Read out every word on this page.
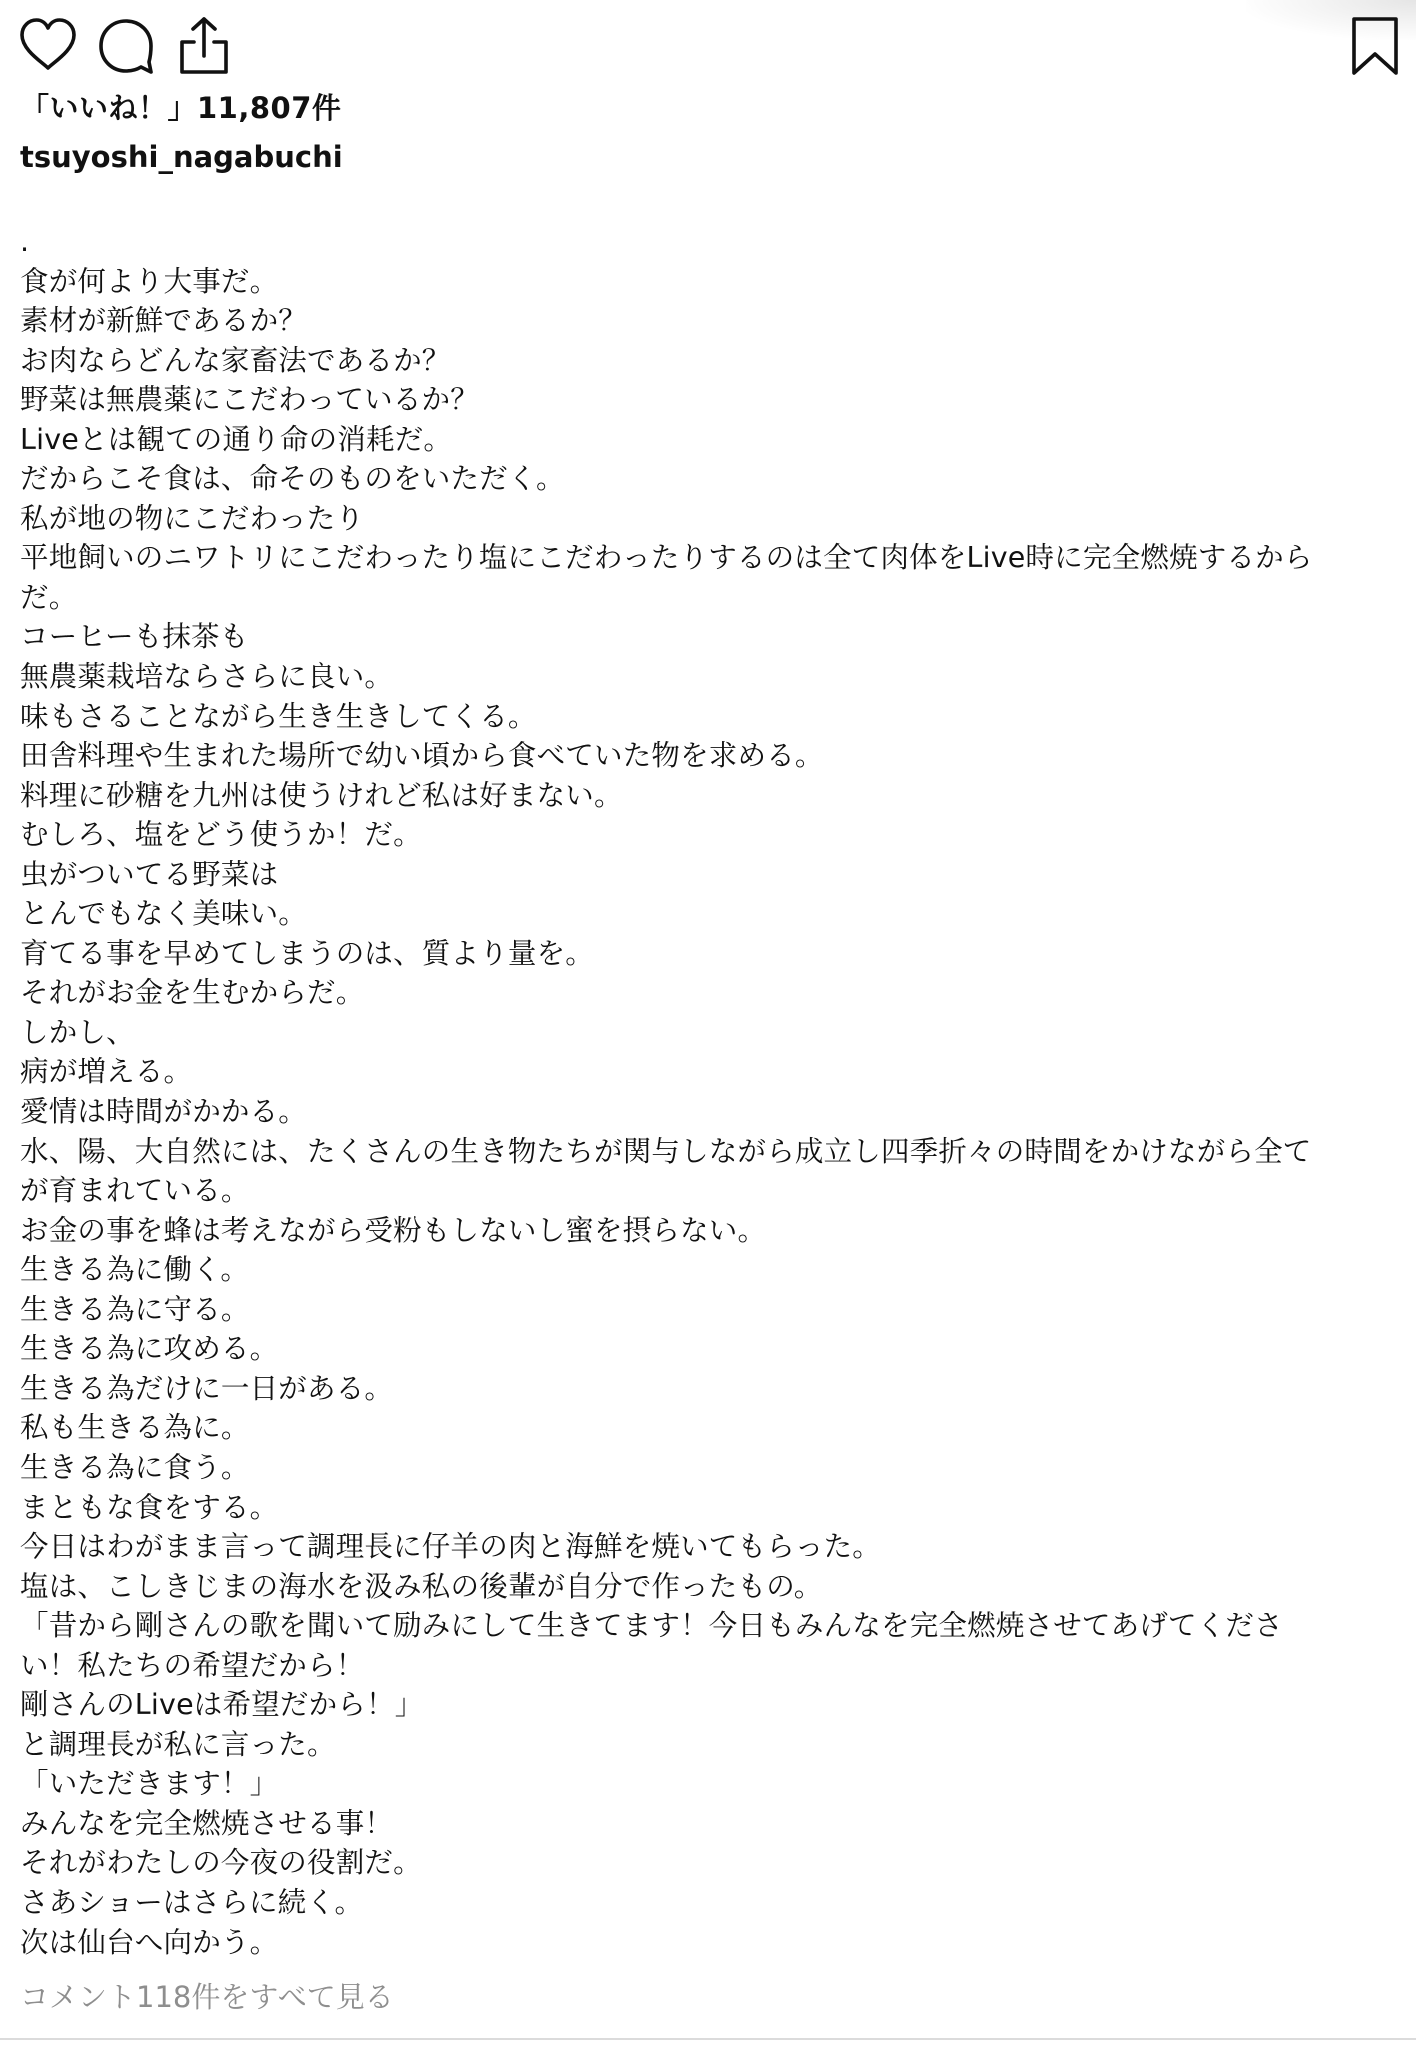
「いいね！」11,807件
tsuyoshi_nagabuchi
.
食が何より大事だ。
素材が新鮮であるか？
お肉ならどんな家畜法であるか？
野菜は無農薬にこだわっているか？
Liveとは観ての通り命の消耗だ。
だからこそ食は、命そのものをいただく。
私が地の物にこだわったり
平地飼いのニワトリにこだわったり塩にこだわったりするのは全て肉体をLive時に完全燃焼するから
だ。
コーヒーも抹茶も
無農薬栽培ならさらに良い。
味もさることながら生き生きしてくる。
田舎料理や生まれた場所で幼い頃から食べていた物を求める。
料理に砂糖を九州は使うけれど私は好まない。
むしろ、塩をどう使うか！だ。
虫がついてる野菜は
とんでもなく美味い。
育てる事を早めてしまうのは、質より量を。
それがお金を生むからだ。
しかし、
病が増える。
愛情は時間がかかる。
水、陽、大自然には、たくさんの生き物たちが関与しながら成立し四季折々の時間をかけながら全て
が育まれている。
お金の事を蜂は考えながら受粉もしないし蜜を摂らない。
生きる為に働く。
生きる為に守る。
生きる為に攻める。
生きる為だけに一日がある。
私も生きる為に。
生きる為に食う。
まともな食をする。
今日はわがまま言って調理長に仔羊の肉と海鮮を焼いてもらった。
塩は、こしきじまの海水を汲み私の後輩が自分で作ったもの。
「昔から剛さんの歌を聞いて励みにして生きてます！今日もみんなを完全燃焼させてあげてくださ
い！私たちの希望だから！
剛さんのLiveは希望だから！」
と調理長が私に言った。
「いただきます！」
みんなを完全燃焼させる事！
それがわたしの今夜の役割だ。
さあショーはさらに続く。
次は仙台へ向かう。
コメント118件をすべて見る
